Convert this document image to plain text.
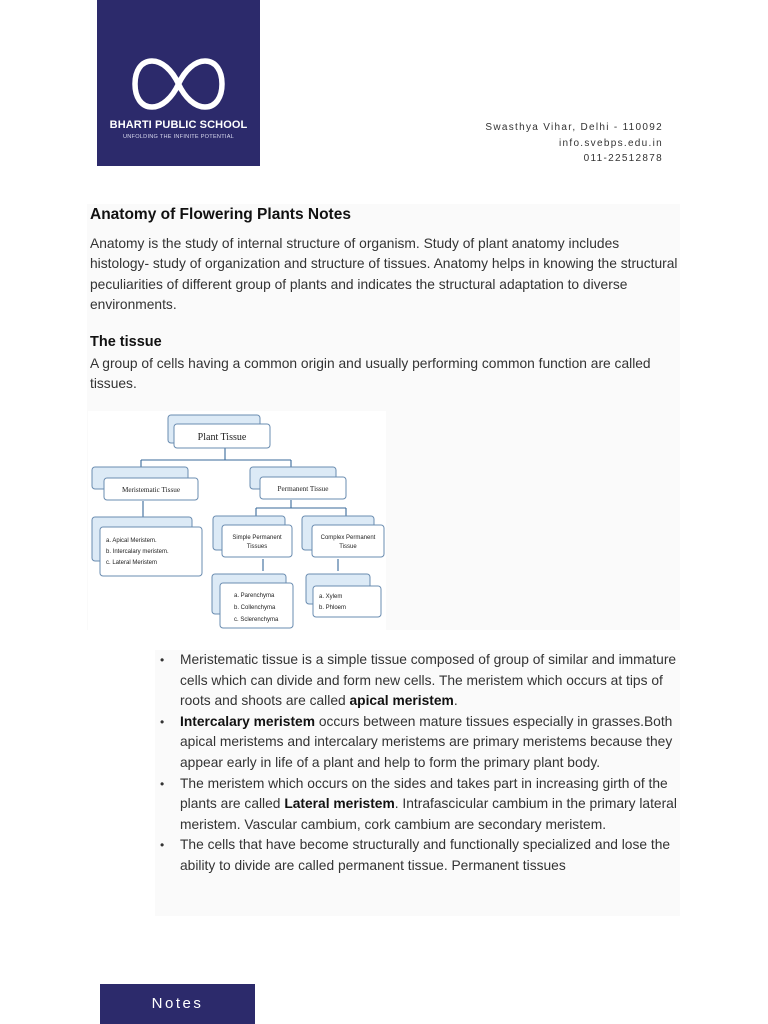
BHARTI PUBLIC SCHOOL
UNFOLDING THE INFINITE POTENTIAL
Swasthya Vihar, Delhi - 110092
info.svebps.edu.in
011-22512878
Anatomy of Flowering Plants Notes

Anatomy is the study of internal structure of organism. Study of plant anatomy includes histology- study of organization and structure of tissues. Anatomy helps in knowing the structural peculiarities of different group of plants and indicates the structural adaptation to diverse environments.

The tissue

A group of cells having a common origin and usually performing common function are called tissues.

Plant Tissue
Meristematic Tissue	Permanent Tissue
Simple Permanent
Tissues
Complex Permanent
Tissue
a. Apical Meristem.
b. Intercalary meristem.
c. Lateral Meristem
a. Parenchyma
b. Collenchyma
c. Sclerenchyma
a. Xylem
b. Phloem
• Meristematic tissue is a simple tissue composed of group of similar and immature cells which can divide and form new cells. The meristem which occurs at tips of roots and shoots are called apical meristem.
• Intercalary meristem occurs between mature tissues especially in grasses.Both apical meristems and intercalary meristems are primary meristems because they appear early in life of a plant and help to form the primary plant body.
• The meristem which occurs on the sides and takes part in increasing girth of the plants are called Lateral meristem. Intrafascicular cambium in the primary lateral meristem. Vascular cambium, cork cambium are secondary meristem.
• The cells that have become structurally and functionally specialized and lose the ability to divide are called permanent tissue. Permanent tissues
Notes
